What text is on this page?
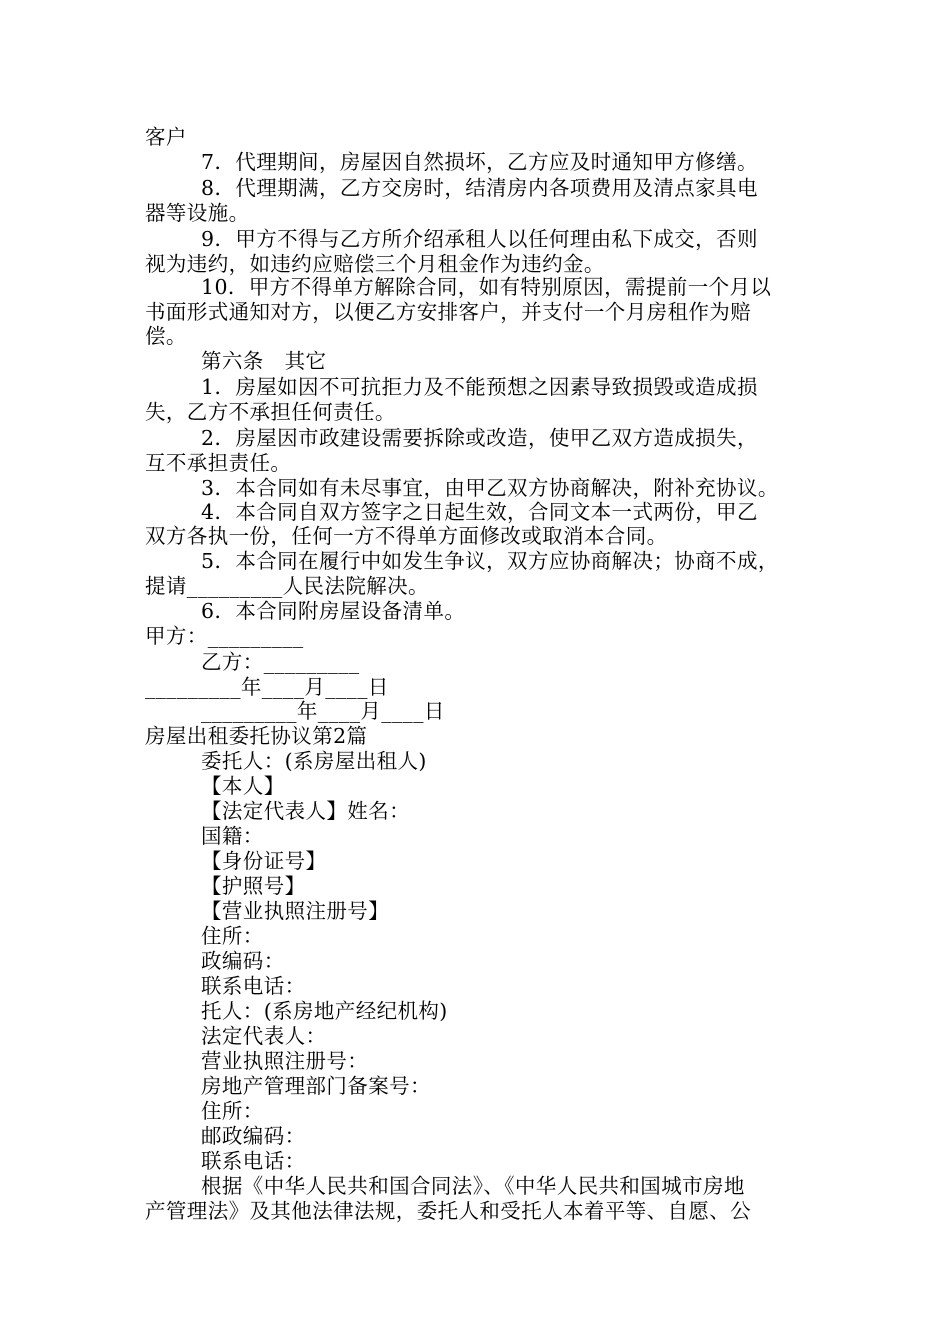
客户
7．代理期间，房屋因自然损坏，乙方应及时通知甲方修缮。
8．代理期满，乙方交房时，结清房内各项费用及清点家具电
器等设施。
9．甲方不得与乙方所介绍承租人以任何理由私下成交，否则
视为违约，如违约应赔偿三个月租金作为违约金。
10．甲方不得单方解除合同，如有特别原因，需提前一个月以
书面形式通知对方，以便乙方安排客户，并支付一个月房租作为赔
偿。
第六条　其它
1．房屋如因不可抗拒力及不能预想之因素导致损毁或造成损
失，乙方不承担任何责任。
2．房屋因市政建设需要拆除或改造，使甲乙双方造成损失，
互不承担责任。
3．本合同如有未尽事宜，由甲乙双方协商解决，附补充协议。
4．本合同自双方签字之日起生效，合同文本一式两份，甲乙
双方各执一份，任何一方不得单方面修改或取消本合同。
5．本合同在履行中如发生争议，双方应协商解决；协商不成，
提请_________人民法院解决。
6．本合同附房屋设备清单。
甲方：_________
乙方：_________
_________年____月____日
_________年____月____日
房屋出租委托协议第2篇
委托人：(系房屋出租人)
【本人】
【法定代表人】姓名：
国籍：
【身份证号】
【护照号】
【营业执照注册号】
住所：
政编码：
联系电话：
托人：(系房地产经纪机构)
法定代表人：
营业执照注册号：
房地产管理部门备案号：
住所：
邮政编码：
联系电话：
根据《中华人民共和国合同法》、《中华人民共和国城市房地
产管理法》及其他法律法规，委托人和受托人本着平等、自愿、公
